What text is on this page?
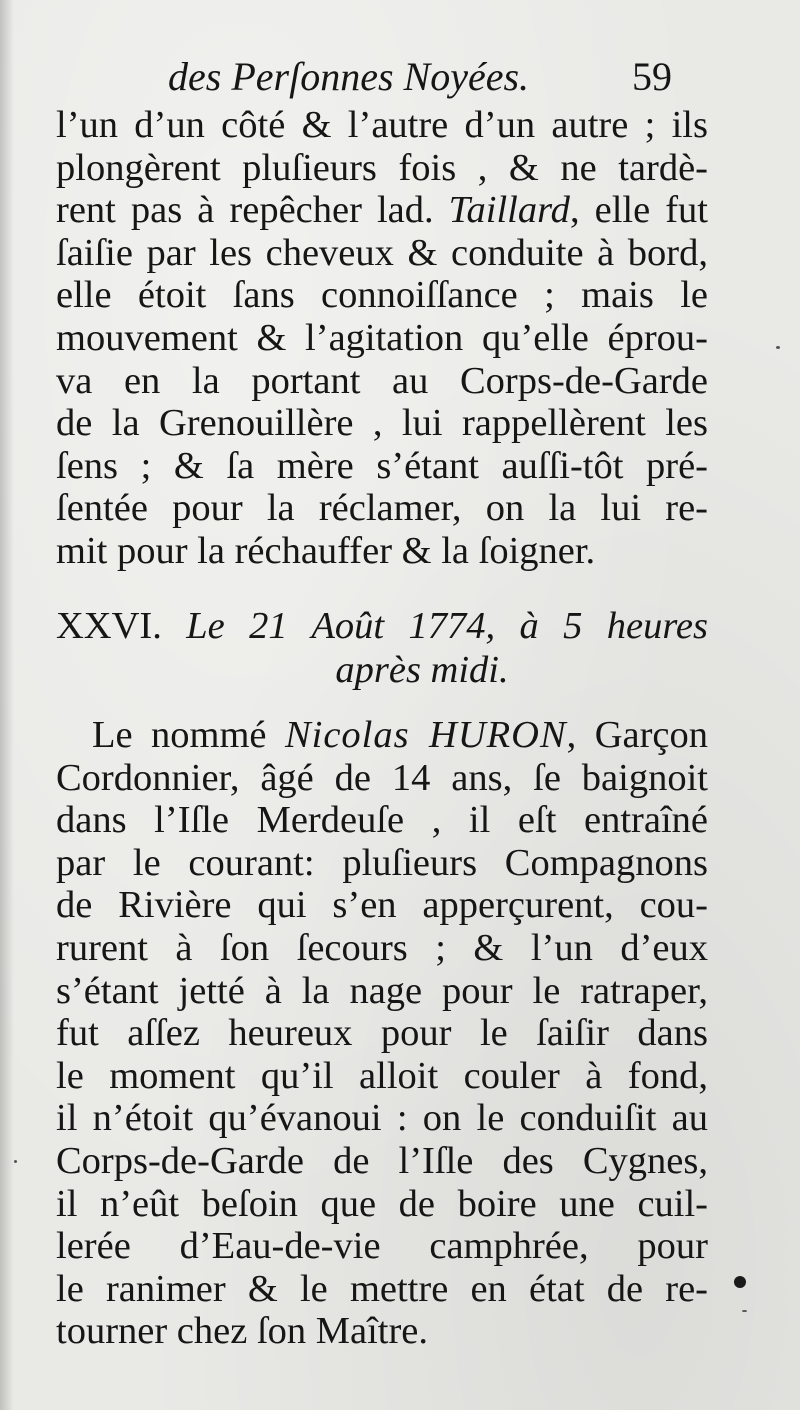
des Perſonnes Noyées.	59
l’un d’un côté & l’autre d’un autre ; ils
plongèrent pluſieurs fois , & ne tardè-
rent pas à repêcher lad. Taillard, elle fut
ſaiſie par les cheveux & conduite à bord,
elle étoit ſans connoiſſance ; mais le
mouvement & l’agitation qu’elle éprou-
va en la portant au Corps-de-Garde
de la Grenouillère , lui rappellèrent les
ſens ; & ſa mère s’étant auſſi-tôt pré-
ſentée pour la réclamer, on la lui re-
mit pour la réchauffer & la ſoigner.
XXVI. Le 21 Août 1774, à 5 heures
après midi.
Le nommé Nicolas HURON, Garçon
Cordonnier, âgé de 14 ans, ſe baignoit
dans l’Iſle Merdeuſe , il eſt entraîné
par le courant: pluſieurs Compagnons
de Rivière qui s’en apperçurent, cou-
rurent à ſon ſecours ; & l’un d’eux
s’étant jetté à la nage pour le ratraper,
fut aſſez heureux pour le ſaiſir dans
le moment qu’il alloit couler à fond,
il n’étoit qu’évanoui : on le conduiſit au
Corps-de-Garde de l’Iſle des Cygnes,
il n’eût beſoin que de boire une cuil-
lerée d’Eau-de-vie camphrée, pour
le ranimer & le mettre en état de re-
tourner chez ſon Maître.
